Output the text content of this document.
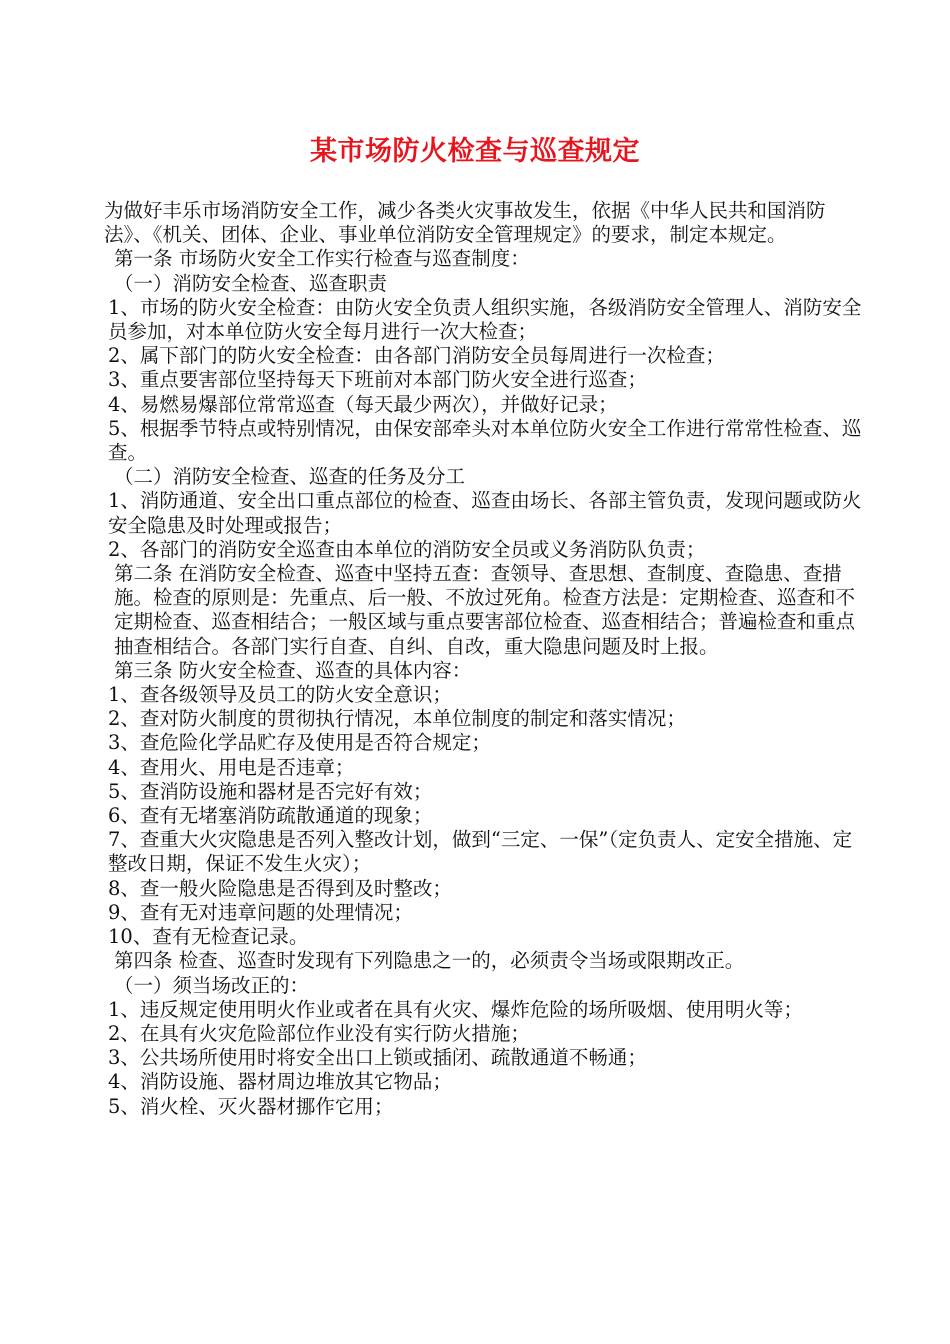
某市场防火检查与巡查规定

为做好丰乐市场消防安全工作，减少各类火灾事故发生，依据《中华人民共和国消防法》、《机关、团体、企业、事业单位消防安全管理规定》的要求，制定本规定。

第一条 市场防火安全工作实行检查与巡查制度：

（一）消防安全检查、巡查职责

1、市场的防火安全检查：由防火安全负责人组织实施，各级消防安全管理人、消防安全员参加，对本单位防火安全每月进行一次大检查；

2、属下部门的防火安全检查：由各部门消防安全员每周进行一次检查；

3、重点要害部位坚持每天下班前对本部门防火安全进行巡查；

4、易燃易爆部位常常巡查（每天最少两次），并做好记录；

5、根据季节特点或特别情况，由保安部牵头对本单位防火安全工作进行常常性检查、巡查。

（二）消防安全检查、巡查的任务及分工

1、消防通道、安全出口重点部位的检查、巡查由场长、各部主管负责，发现问题或防火安全隐患及时处理或报告；

2、各部门的消防安全巡查由本单位的消防安全员或义务消防队负责；

第二条 在消防安全检查、巡查中坚持五查：查领导、查思想、查制度、查隐患、查措施。检查的原则是：先重点、后一般、不放过死角。检查方法是：定期检查、巡查和不定期检查、巡查相结合；一般区域与重点要害部位检查、巡查相结合；普遍检查和重点抽查相结合。各部门实行自查、自纠、自改，重大隐患问题及时上报。

第三条 防火安全检查、巡查的具体内容：

1、查各级领导及员工的防火安全意识；

2、查对防火制度的贯彻执行情况，本单位制度的制定和落实情况；

3、查危险化学品贮存及使用是否符合规定；

4、查用火、用电是否违章；

5、查消防设施和器材是否完好有效；

6、查有无堵塞消防疏散通道的现象；

7、查重大火灾隐患是否列入整改计划，做到“三定、一保”（定负责人、定安全措施、定整改日期，保证不发生火灾）；

8、查一般火险隐患是否得到及时整改；

9、查有无对违章问题的处理情况；

10、查有无检查记录。

第四条 检查、巡查时发现有下列隐患之一的，必须责令当场或限期改正。

（一）须当场改正的：

1、违反规定使用明火作业或者在具有火灾、爆炸危险的场所吸烟、使用明火等；

2、在具有火灾危险部位作业没有实行防火措施；

3、公共场所使用时将安全出口上锁或插闭、疏散通道不畅通；

4、消防设施、器材周边堆放其它物品；

5、消火栓、灭火器材挪作它用；
